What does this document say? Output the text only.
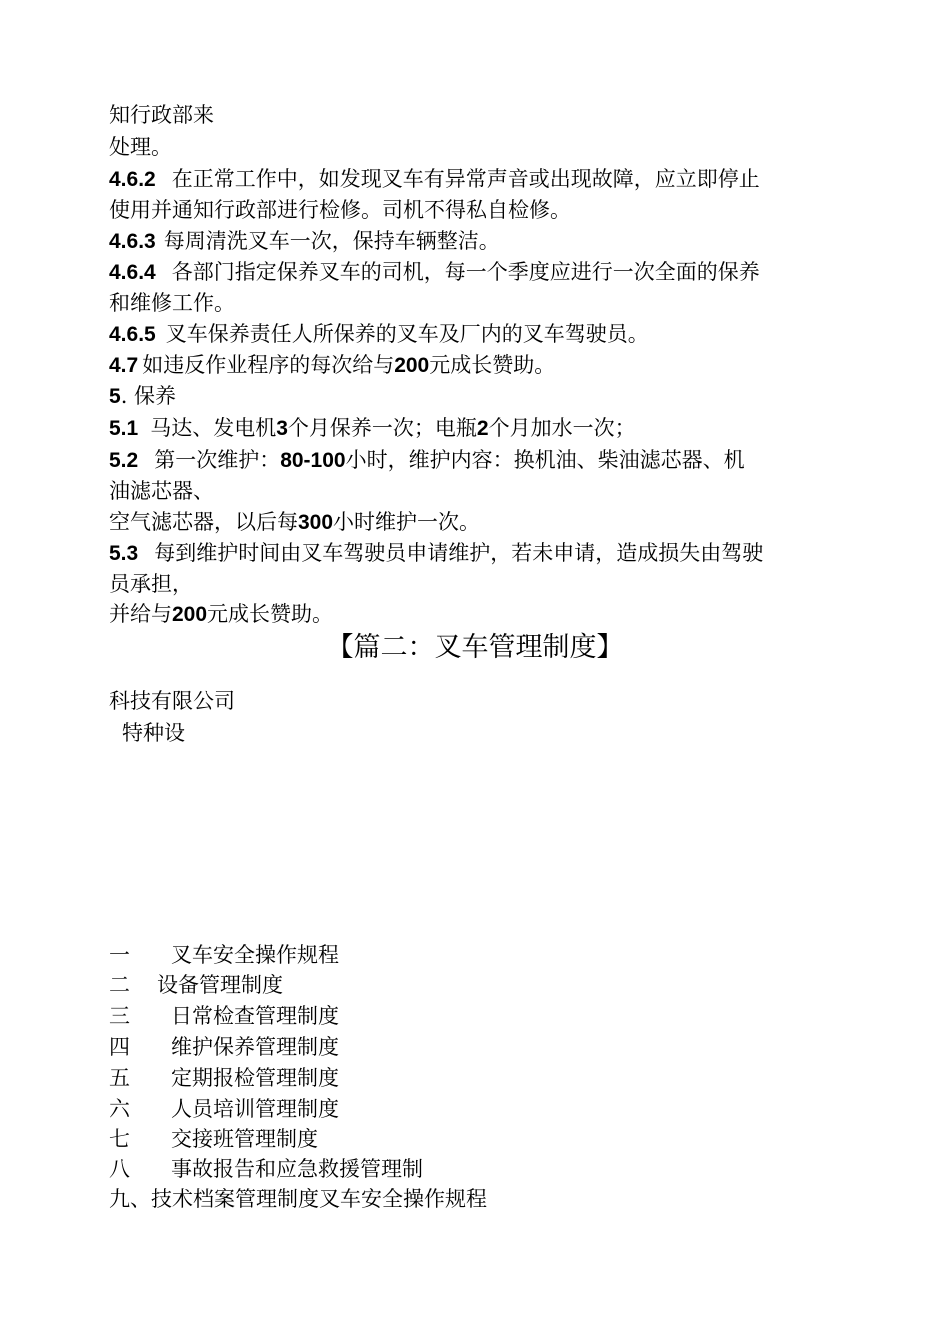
知行政部来
处理。
4.6.2 在正常工作中，如发现叉车有异常声音或出现故障，应立即停止
使用并通知行政部进行检修。司机不得私自检修。
4.6.3 每周清洗叉车一次，保持车辆整洁。
4.6.4 各部门指定保养叉车的司机，每一个季度应进行一次全面的保养
和维修工作。
4.6.5 叉车保养责任人所保养的叉车及厂内的叉车驾驶员。
4.7 如违反作业程序的每次给与200元成长赞助。
5. 保养
5.1 马达、发电机3个月保养一次；电瓶2个月加水一次；
5.2 第一次维护：80-100小时，维护内容：换机油、柴油滤芯器、机
油滤芯器、
空气滤芯器，以后每300小时维护一次。
5.3 每到维护时间由叉车驾驶员申请维护，若未申请，造成损失由驾驶
员承担，
并给与200元成长赞助。
【篇二：叉车管理制度】
科技有限公司
特种设
一 叉车安全操作规程
二 设备管理制度
三 日常检查管理制度
四 维护保养管理制度
五 定期报检管理制度
六 人员培训管理制度
七 交接班管理制度
八 事故报告和应急救援管理制
九、技术档案管理制度叉车安全操作规程
